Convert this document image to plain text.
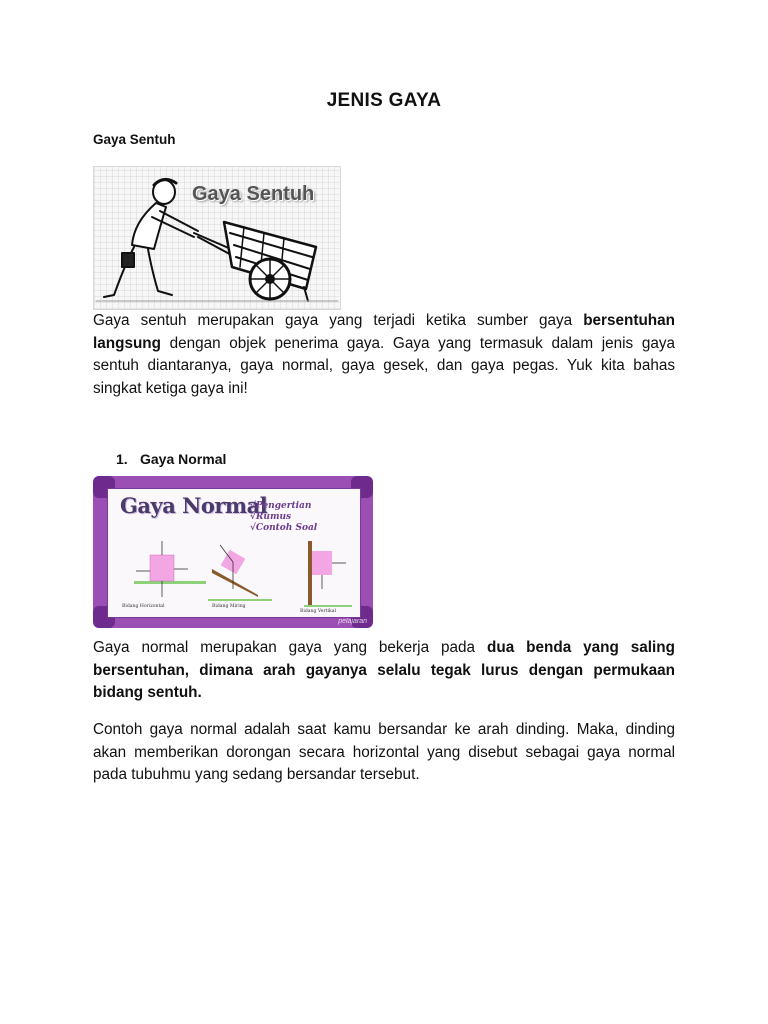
JENIS GAYA
Gaya Sentuh
Gaya Sentuh
Gaya sentuh merupakan gaya yang terjadi ketika sumber gaya bersentuhan langsung dengan objek penerima gaya. Gaya yang termasuk dalam jenis gaya sentuh diantaranya, gaya normal, gaya gesek, dan gaya pegas. Yuk kita bahas singkat ketiga gaya ini!
1. Gaya Normal
Gaya Normal
√Pengertian
√Rumus
√Contoh Soal
Bidang Horizontal	Bidang Miring
Bidang Vertikal
pelajaran
Gaya normal merupakan gaya yang bekerja pada dua benda yang saling bersentuhan, dimana arah gayanya selalu tegak lurus dengan permukaan bidang sentuh.
Contoh gaya normal adalah saat kamu bersandar ke arah dinding. Maka, dinding akan memberikan dorongan secara horizontal yang disebut sebagai gaya normal pada tubuhmu yang sedang bersandar tersebut.
